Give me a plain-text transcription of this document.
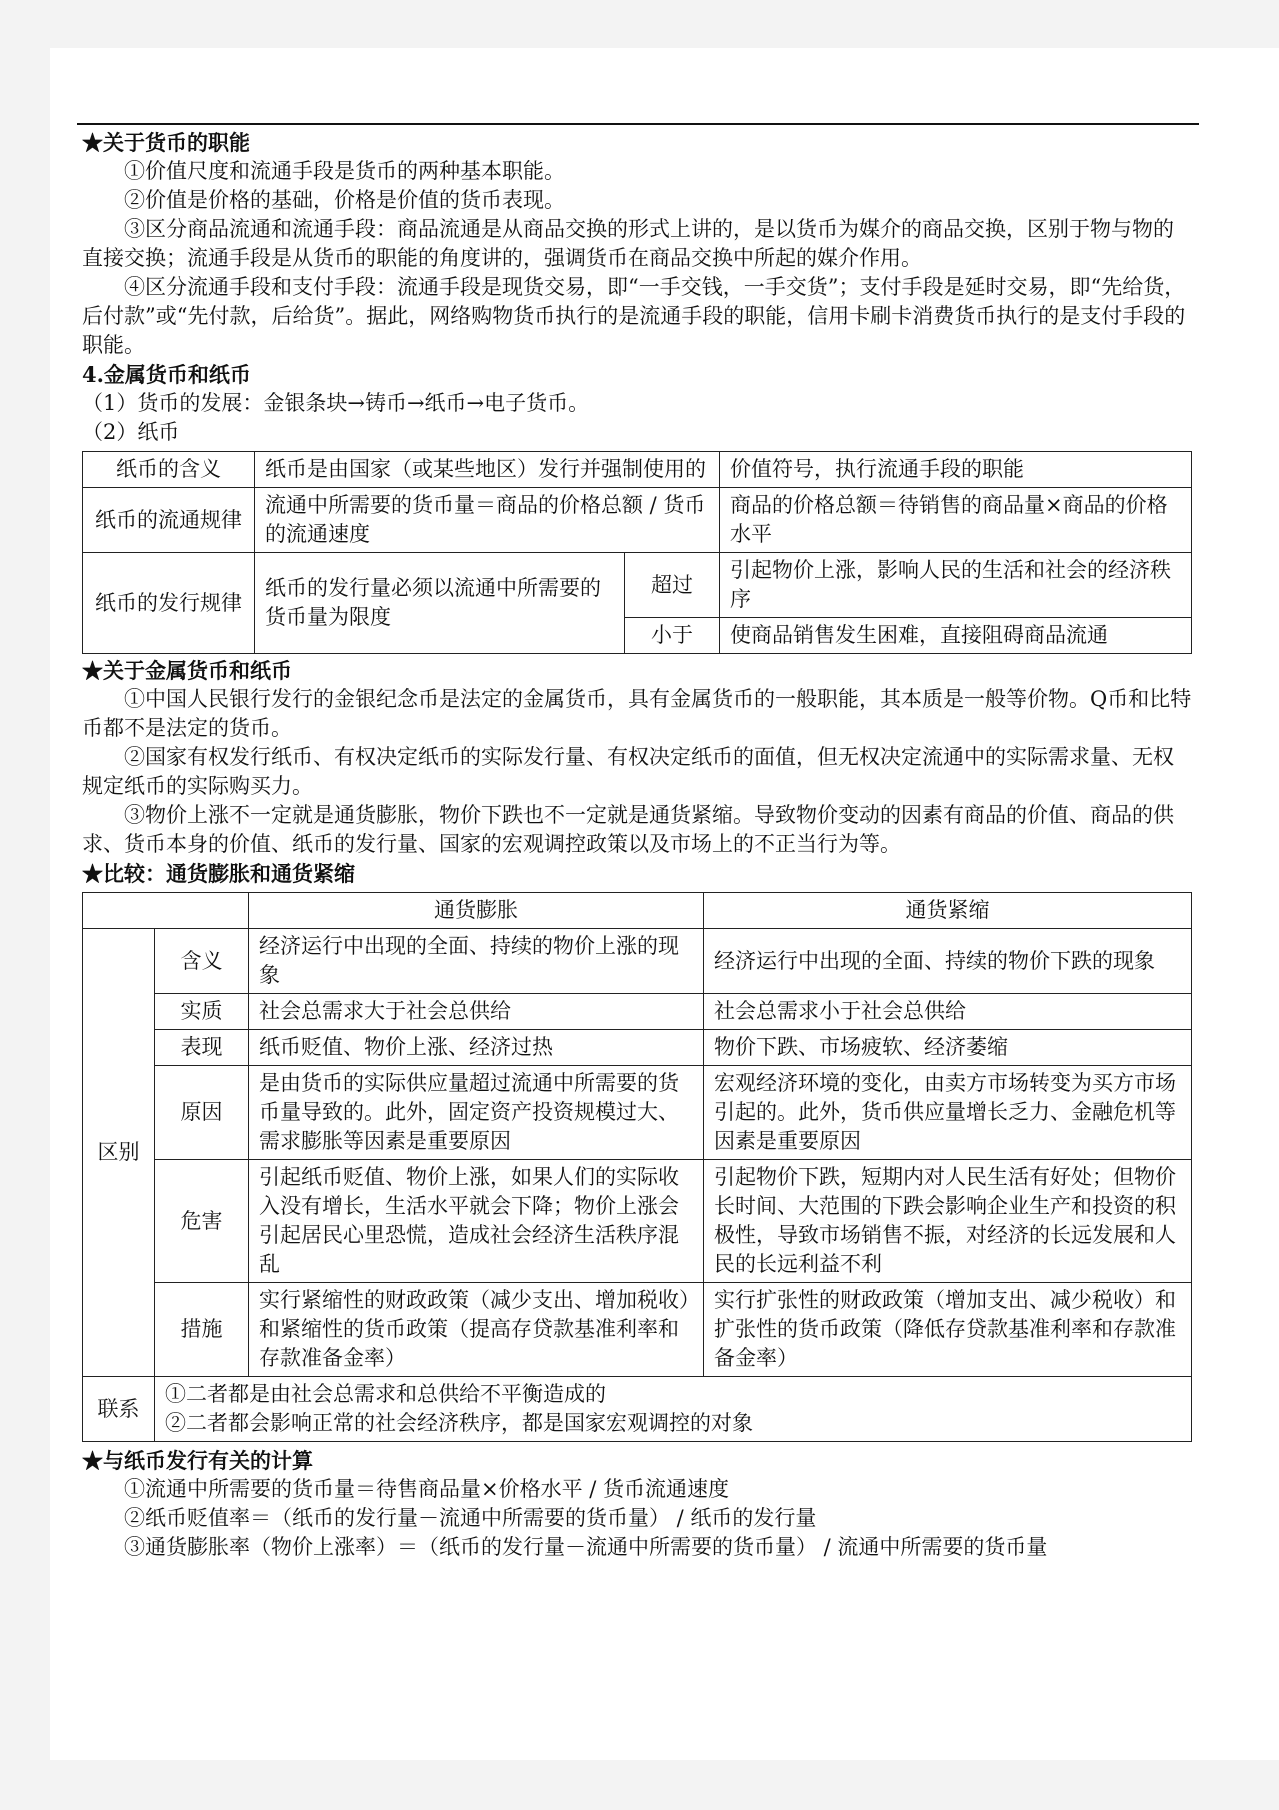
★关于货币的职能

①价值尺度和流通手段是货币的两种基本职能。

②价值是价格的基础，价格是价值的货币表现。

③区分商品流通和流通手段：商品流通是从商品交换的形式上讲的，是以货币为媒介的商品交换，区别于物与物的直接交换；流通手段是从货币的职能的角度讲的，强调货币在商品交换中所起的媒介作用。

④区分流通手段和支付手段：流通手段是现货交易，即“一手交钱，一手交货”；支付手段是延时交易，即“先给货，后付款”或“先付款，后给货”。据此，网络购物货币执行的是流通手段的职能，信用卡刷卡消费货币执行的是支付手段的职能。

4.金属货币和纸币

（1）货币的发展：金银条块→铸币→纸币→电子货币。

（2）纸币

纸币的含义	纸币是由国家（或某些地区）发行并强制使用的		价值符号，执行流通手段的职能
纸币的流通规律	流通中所需要的货币量＝商品的价格总额 / 货币的流通速度		商品的价格总额＝待销售的商品量×商品的价格水平
纸币的发行规律	纸币的发行量必须以流通中所需要的货币量为限度	超过	引起物价上涨，影响人民的生活和社会的经济秩序
		小于	使商品销售发生困难，直接阻碍商品流通

★关于金属货币和纸币

①中国人民银行发行的金银纪念币是法定的金属货币，具有金属货币的一般职能，其本质是一般等价物。Q币和比特币都不是法定的货币。

②国家有权发行纸币、有权决定纸币的实际发行量、有权决定纸币的面值，但无权决定流通中的实际需求量、无权规定纸币的实际购买力。

③物价上涨不一定就是通货膨胀，物价下跌也不一定就是通货紧缩。导致物价变动的因素有商品的价值、商品的供求、货币本身的价值、纸币的发行量、国家的宏观调控政策以及市场上的不正当行为等。

★比较：通货膨胀和通货紧缩

		通货膨胀	通货紧缩
区别	含义	经济运行中出现的全面、持续的物价上涨的现象	经济运行中出现的全面、持续的物价下跌的现象
	实质	社会总需求大于社会总供给	社会总需求小于社会总供给
	表现	纸币贬值、物价上涨、经济过热	物价下跌、市场疲软、经济萎缩
	原因	是由货币的实际供应量超过流通中所需要的货币量导致的。此外，固定资产投资规模过大、需求膨胀等因素是重要原因	宏观经济环境的变化，由卖方市场转变为买方市场引起的。此外，货币供应量增长乏力、金融危机等因素是重要原因
	危害	引起纸币贬值、物价上涨，如果人们的实际收入没有增长，生活水平就会下降；物价上涨会引起居民心里恐慌，造成社会经济生活秩序混乱	引起物价下跌，短期内对人民生活有好处；但物价长时间、大范围的下跌会影响企业生产和投资的积极性，导致市场销售不振，对经济的长远发展和人民的长远利益不利
	措施	实行紧缩性的财政政策（减少支出、增加税收）和紧缩性的货币政策（提高存贷款基准利率和存款准备金率）	实行扩张性的财政政策（增加支出、减少税收）和扩张性的货币政策（降低存贷款基准利率和存款准备金率）
联系	①二者都是由社会总需求和总供给不平衡造成的
②二者都会影响正常的社会经济秩序，都是国家宏观调控的对象		

★与纸币发行有关的计算

①流通中所需要的货币量＝待售商品量×价格水平 / 货币流通速度

②纸币贬值率＝（纸币的发行量－流通中所需要的货币量） / 纸币的发行量

③通货膨胀率（物价上涨率）＝（纸币的发行量－流通中所需要的货币量） / 流通中所需要的货币量
